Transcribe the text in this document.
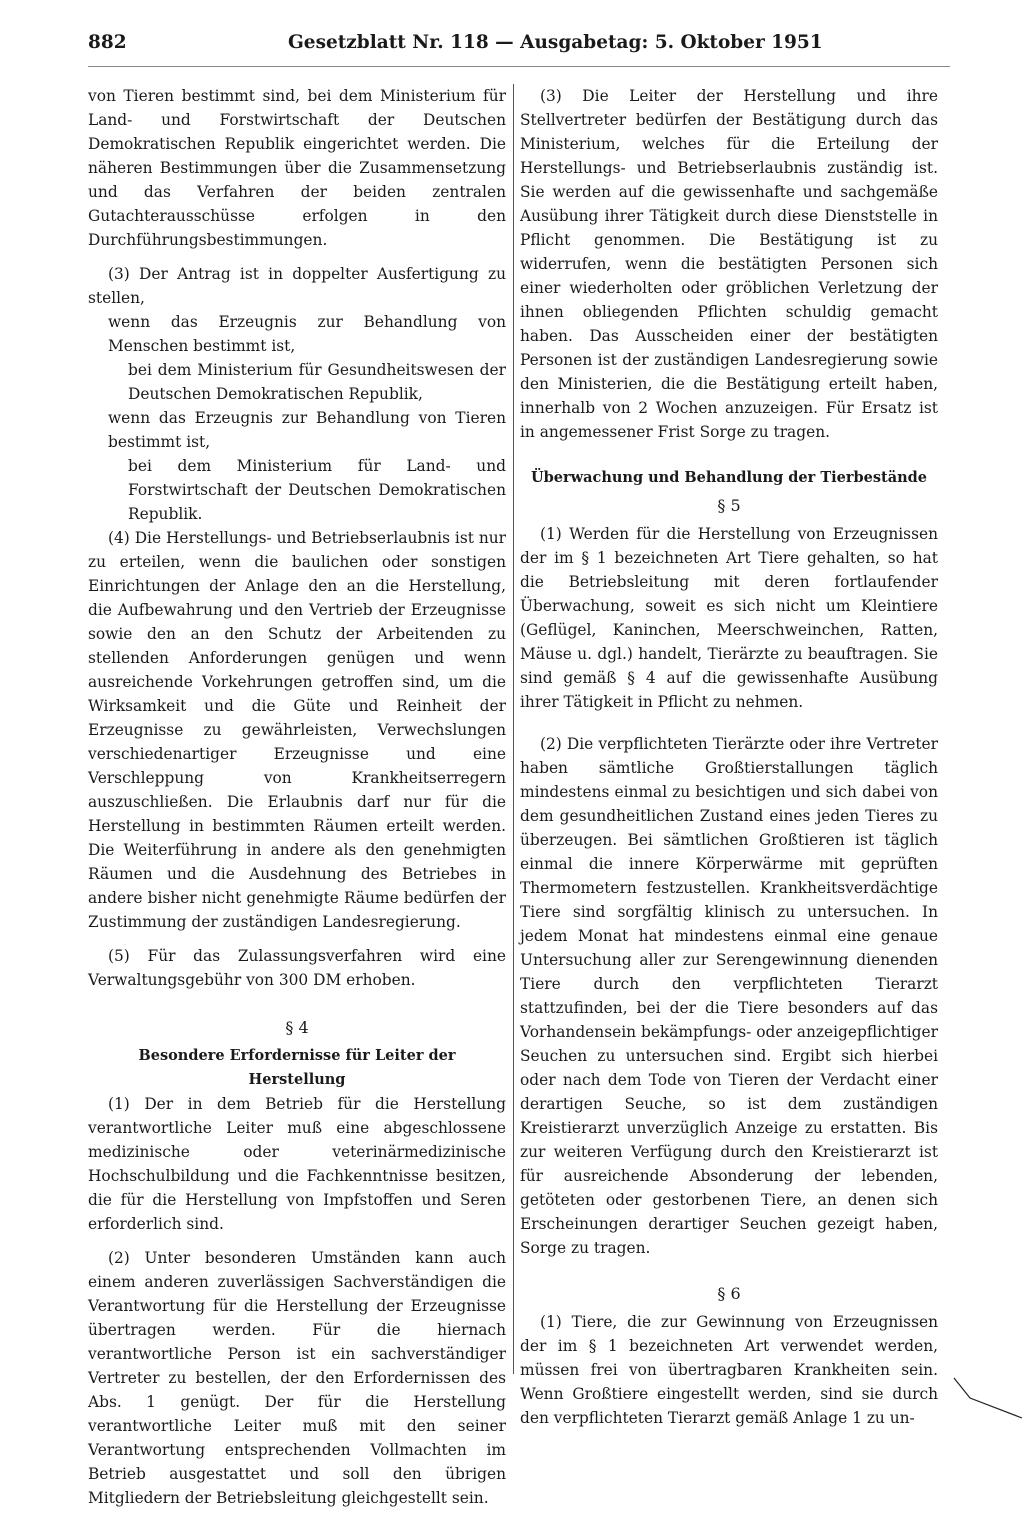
882	Gesetzblatt Nr. 118 — Ausgabetag: 5. Oktober 1951

von Tieren bestimmt sind, bei dem Ministerium für Land- und Forstwirtschaft der Deutschen Demokratischen Republik eingerichtet werden. Die näheren Bestimmungen über die Zusammensetzung und das Verfahren der beiden zentralen Gutachterausschüsse erfolgen in den Durchführungsbestimmungen.

(3) Der Antrag ist in doppelter Ausfertigung zu stellen,

wenn das Erzeugnis zur Behandlung von Menschen bestimmt ist,

bei dem Ministerium für Gesundheitswesen der Deutschen Demokratischen Republik,

wenn das Erzeugnis zur Behandlung von Tieren bestimmt ist,

bei dem Ministerium für Land- und Forstwirtschaft der Deutschen Demokratischen Republik.

(4) Die Herstellungs- und Betriebserlaubnis ist nur zu erteilen, wenn die baulichen oder sonstigen Einrichtungen der Anlage den an die Herstellung, die Aufbewahrung und den Vertrieb der Erzeugnisse sowie den an den Schutz der Arbeitenden zu stellenden Anforderungen genügen und wenn ausreichende Vorkehrungen getroffen sind, um die Wirksamkeit und die Güte und Reinheit der Erzeugnisse zu gewährleisten, Verwechslungen verschiedenartiger Erzeugnisse und eine Verschleppung von Krankheitserregern auszuschließen. Die Erlaubnis darf nur für die Herstellung in bestimmten Räumen erteilt werden. Die Weiterführung in andere als den genehmigten Räumen und die Ausdehnung des Betriebes in andere bisher nicht genehmigte Räume bedürfen der Zustimmung der zuständigen Landesregierung.

(5) Für das Zulassungsverfahren wird eine Verwaltungsgebühr von 300 DM erhoben.

§ 4
Besondere Erfordernisse für Leiter der Herstellung

(1) Der in dem Betrieb für die Herstellung verantwortliche Leiter muß eine abgeschlossene medizinische oder veterinärmedizinische Hochschulbildung und die Fachkenntnisse besitzen, die für die Herstellung von Impfstoffen und Seren erforderlich sind.

(2) Unter besonderen Umständen kann auch einem anderen zuverlässigen Sachverständigen die Verantwortung für die Herstellung der Erzeugnisse übertragen werden. Für die hiernach verantwortliche Person ist ein sachverständiger Vertreter zu bestellen, der den Erfordernissen des Abs. 1 genügt. Der für die Herstellung verantwortliche Leiter muß mit den seiner Verantwortung entsprechenden Vollmachten im Betrieb ausgestattet und soll den übrigen Mitgliedern der Betriebsleitung gleichgestellt sein.

(3) Die Leiter der Herstellung und ihre Stellvertreter bedürfen der Bestätigung durch das Ministerium, welches für die Erteilung der Herstellungs- und Betriebserlaubnis zuständig ist. Sie werden auf die gewissenhafte und sachgemäße Ausübung ihrer Tätigkeit durch diese Dienststelle in Pflicht genommen. Die Bestätigung ist zu widerrufen, wenn die bestätigten Personen sich einer wiederholten oder gröblichen Verletzung der ihnen obliegenden Pflichten schuldig gemacht haben. Das Ausscheiden einer der bestätigten Personen ist der zuständigen Landesregierung sowie den Ministerien, die die Bestätigung erteilt haben, innerhalb von 2 Wochen anzuzeigen. Für Ersatz ist in angemessener Frist Sorge zu tragen.

Überwachung und Behandlung der Tierbestände
§ 5

(1) Werden für die Herstellung von Erzeugnissen der im § 1 bezeichneten Art Tiere gehalten, so hat die Betriebsleitung mit deren fortlaufender Überwachung, soweit es sich nicht um Kleintiere (Geflügel, Kaninchen, Meerschweinchen, Ratten, Mäuse u. dgl.) handelt, Tierärzte zu beauftragen. Sie sind gemäß § 4 auf die gewissenhafte Ausübung ihrer Tätigkeit in Pflicht zu nehmen.

(2) Die verpflichteten Tierärzte oder ihre Vertreter haben sämtliche Großtierstallungen täglich mindestens einmal zu besichtigen und sich dabei von dem gesundheitlichen Zustand eines jeden Tieres zu überzeugen. Bei sämtlichen Großtieren ist täglich einmal die innere Körperwärme mit geprüften Thermometern festzustellen. Krankheitsverdächtige Tiere sind sorgfältig klinisch zu untersuchen. In jedem Monat hat mindestens einmal eine genaue Untersuchung aller zur Serengewinnung dienenden Tiere durch den verpflichteten Tierarzt stattzufinden, bei der die Tiere besonders auf das Vorhandensein bekämpfungs- oder anzeigepflichtiger Seuchen zu untersuchen sind. Ergibt sich hierbei oder nach dem Tode von Tieren der Verdacht einer derartigen Seuche, so ist dem zuständigen Kreistierarzt unverzüglich Anzeige zu erstatten. Bis zur weiteren Verfügung durch den Kreistierarzt ist für ausreichende Absonderung der lebenden, getöteten oder gestorbenen Tiere, an denen sich Erscheinungen derartiger Seuchen gezeigt haben, Sorge zu tragen.

§ 6

(1) Tiere, die zur Gewinnung von Erzeugnissen der im § 1 bezeichneten Art verwendet werden, müssen frei von übertragbaren Krankheiten sein. Wenn Großtiere eingestellt werden, sind sie durch den verpflichteten Tierarzt gemäß Anlage 1 zu un-
